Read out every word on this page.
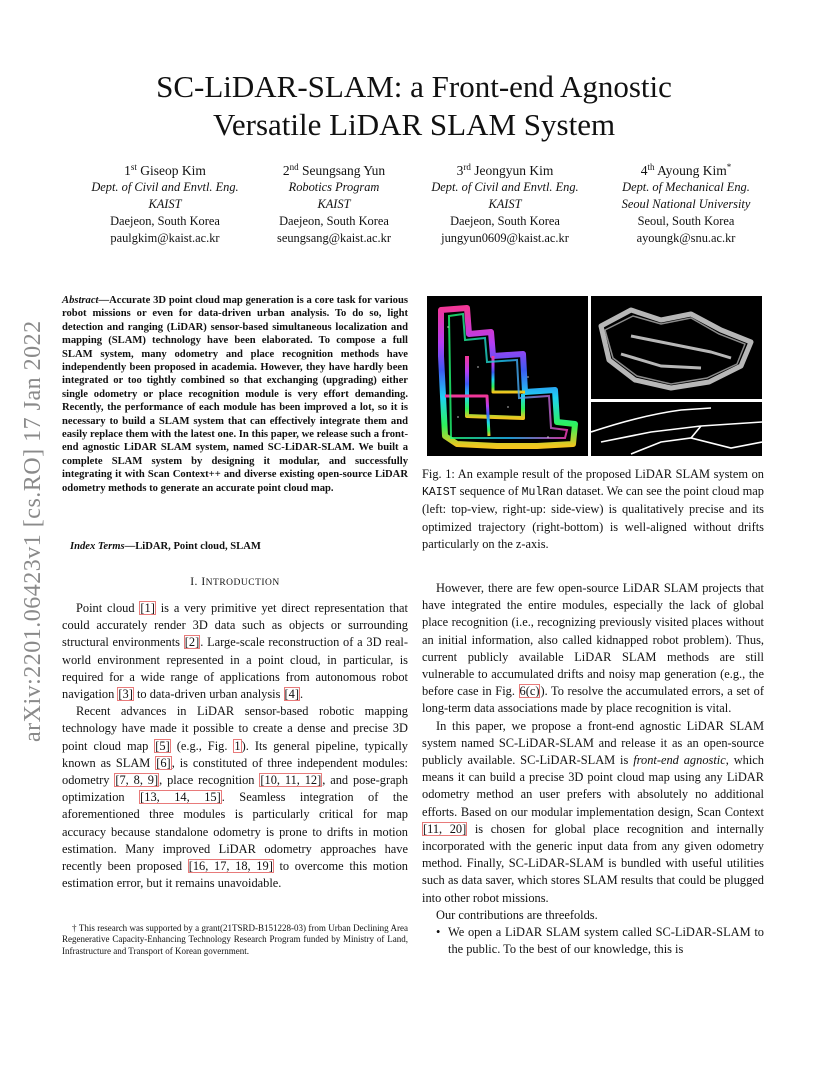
arXiv:2201.06423v1 [cs.RO] 17 Jan 2022
SC-LiDAR-SLAM: a Front-end Agnostic
Versatile LiDAR SLAM System
1st Giseop Kim
Dept. of Civil and Envtl. Eng.
KAIST
Daejeon, South Korea
paulgkim@kaist.ac.kr
2nd Seungsang Yun
Robotics Program
KAIST
Daejeon, South Korea
seungsang@kaist.ac.kr
3rd Jeongyun Kim
Dept. of Civil and Envtl. Eng.
KAIST
Daejeon, South Korea
jungyun0609@kaist.ac.kr
4th Ayoung Kim*
Dept. of Mechanical Eng.
Seoul National University
Seoul, South Korea
ayoungk@snu.ac.kr
Abstract—Accurate 3D point cloud map generation is a core task for various robot missions or even for data-driven urban analysis. To do so, light detection and ranging (LiDAR) sensor-based simultaneous localization and mapping (SLAM) technology have been elaborated. To compose a full SLAM system, many odometry and place recognition methods have independently been proposed in academia. However, they have hardly been integrated or too tightly combined so that exchanging (upgrading) either single odometry or place recognition module is very effort demanding. Recently, the performance of each module has been improved a lot, so it is necessary to build a SLAM system that can effectively integrate them and easily replace them with the latest one. In this paper, we release such a front-end agnostic LiDAR SLAM system, named SC-LiDAR-SLAM. We built a complete SLAM system by designing it modular, and successfully integrating it with Scan Context++ and diverse existing open-source LiDAR odometry methods to generate an accurate point cloud map.
Index Terms—LiDAR, Point cloud, SLAM
I. INTRODUCTION

Point cloud [1] is a very primitive yet direct representation that could accurately render 3D data such as objects or surrounding structural environments [2]. Large-scale reconstruction of a 3D real-world environment represented in a point cloud, in particular, is required for a wide range of applications from autonomous robot navigation [3] to data-driven urban analysis [4].

Recent advances in LiDAR sensor-based robotic mapping technology have made it possible to create a dense and precise 3D point cloud map [5] (e.g., Fig. 1). Its general pipeline, typically known as SLAM [6], is constituted of three independent modules: odometry [7, 8, 9], place recognition [10, 11, 12], and pose-graph optimization [13, 14, 15]. Seamless integration of the aforementioned three modules is particularly critical for map accuracy because standalone odometry is prone to drifts in motion estimation. Many improved LiDAR odometry approaches have recently been proposed [16, 17, 18, 19] to overcome this motion estimation error, but it remains unavoidable.

† This research was supported by a grant(21TSRD-B151228-03) from Urban Declining Area Regenerative Capacity-Enhancing Technology Research Program funded by Ministry of Land, Infrastructure and Transport of Korean government.
Fig. 1: An example result of the proposed LiDAR SLAM system on KAIST sequence of MulRan dataset. We can see the point cloud map (left: top-view, right-up: side-view) is qualitatively precise and its optimized trajectory (right-bottom) is well-aligned without drifts particularly on the z-axis.

However, there are few open-source LiDAR SLAM projects that have integrated the entire modules, especially the lack of global place recognition (i.e., recognizing previously visited places without an initial information, also called kidnapped robot problem). Thus, current publicly available LiDAR SLAM methods are still vulnerable to accumulated drifts and noisy map generation (e.g., the before case in Fig. 6(c)). To resolve the accumulated errors, a set of long-term data associations made by place recognition is vital.

In this paper, we propose a front-end agnostic LiDAR SLAM system named SC-LiDAR-SLAM and release it as an open-source publicly available. SC-LiDAR-SLAM is front-end agnostic, which means it can build a precise 3D point cloud map using any LiDAR odometry method an user prefers with absolutely no additional efforts. Based on our modular implementation design, Scan Context [11, 20] is chosen for global place recognition and internally incorporated with the generic input data from any given odometry method. Finally, SC-LiDAR-SLAM is bundled with useful utilities such as data saver, which stores SLAM results that could be plugged into other robot missions.

Our contributions are threefolds.

• We open a LiDAR SLAM system called SC-LiDAR-SLAM to the public. To the best of our knowledge, this is
